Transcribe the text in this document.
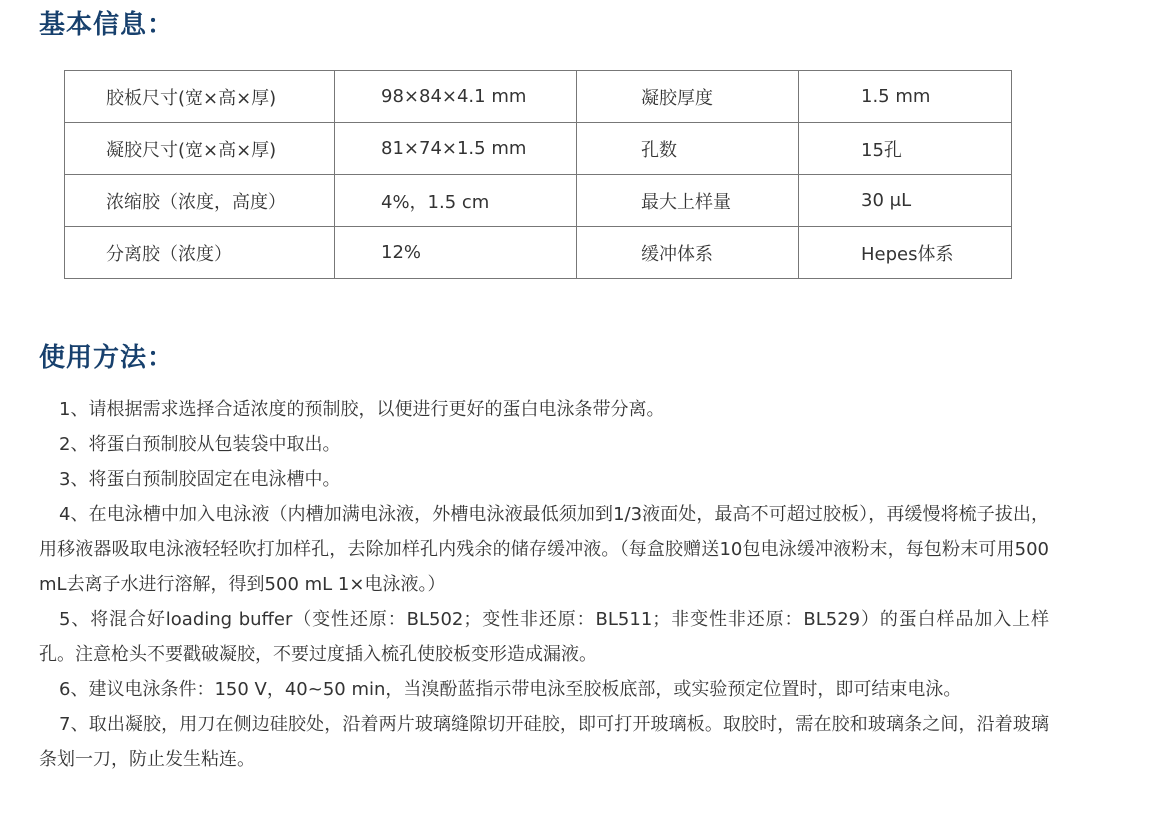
基本信息：
胶板尺寸(宽×高×厚)	98×84×4.1 mm	凝胶厚度	1.5 mm
凝胶尺寸(宽×高×厚)	81×74×1.5 mm	孔数	15孔
浓缩胶（浓度，高度）	4%，1.5 cm	最大上样量	30 μL
分离胶（浓度）	12%	缓冲体系	Hepes体系
使用方法：

1、请根据需求选择合适浓度的预制胶，以便进行更好的蛋白电泳条带分离。

2、将蛋白预制胶从包装袋中取出。

3、将蛋白预制胶固定在电泳槽中。

4、在电泳槽中加入电泳液（内槽加满电泳液，外槽电泳液最低须加到1/3液面处，最高不可超过胶板），再缓慢将梳子拔出，用移液器吸取电泳液轻轻吹打加样孔，去除加样孔内残余的储存缓冲液。（每盒胶赠送10包电泳缓冲液粉末，每包粉末可用500 mL去离子水进行溶解，得到500 mL 1×电泳液。）

5、将混合好loading buffer（变性还原：BL502；变性非还原：BL511；非变性非还原：BL529）的蛋白样品加入上样孔。注意枪头不要戳破凝胶，不要过度插入梳孔使胶板变形造成漏液。

6、建议电泳条件：150 V，40~50 min，当溴酚蓝指示带电泳至胶板底部，或实验预定位置时，即可结束电泳。

7、取出凝胶，用刀在侧边硅胶处，沿着两片玻璃缝隙切开硅胶，即可打开玻璃板。取胶时，需在胶和玻璃条之间，沿着玻璃条划一刀，防止发生粘连。
